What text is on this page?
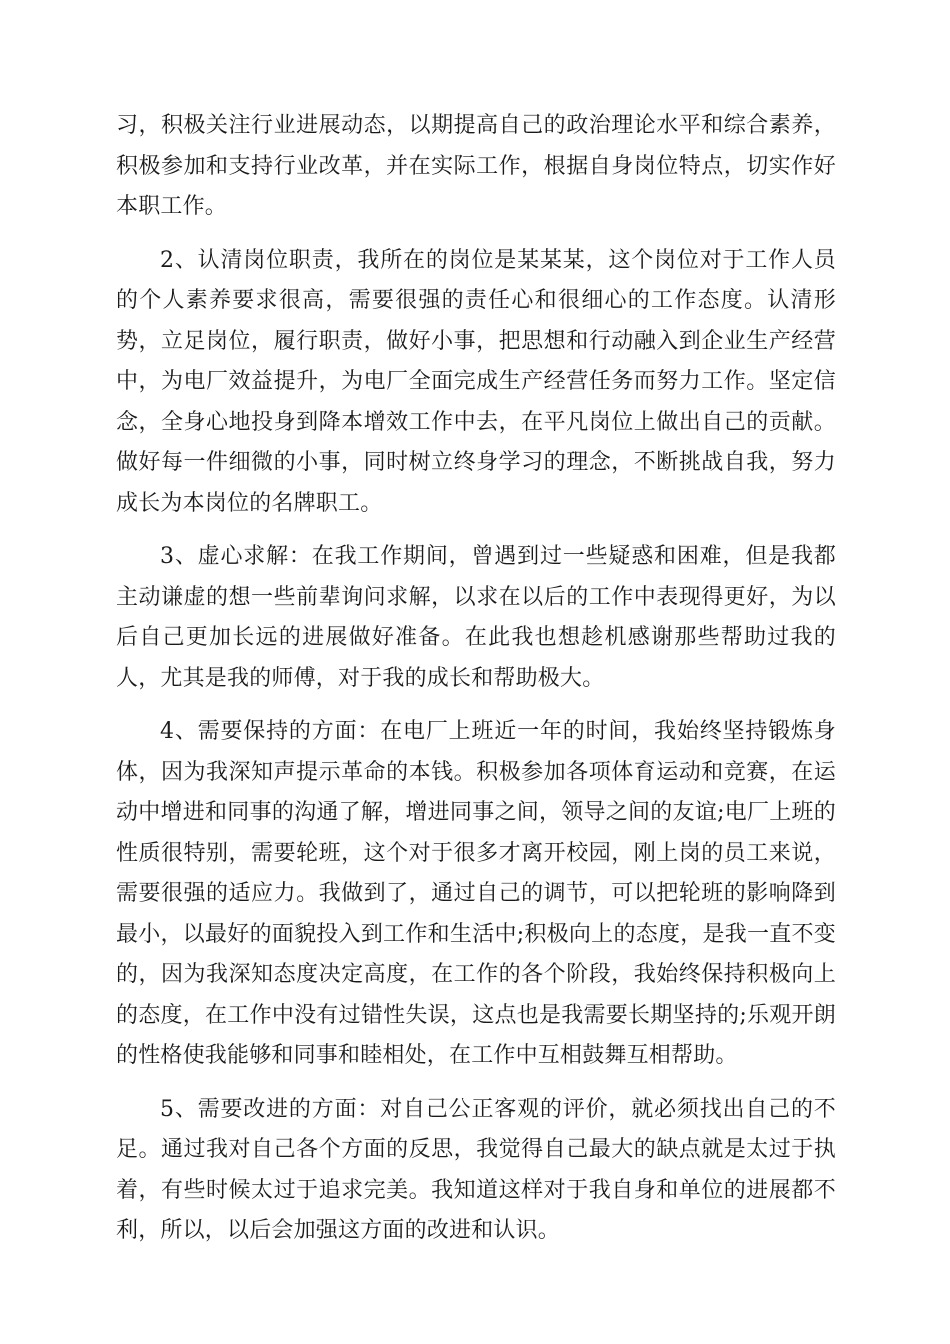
习，积极关注行业进展动态，以期提高自己的政治理论水平和综合素养，积极参加和支持行业改革，并在实际工作，根据自身岗位特点，切实作好本职工作。

2、认清岗位职责，我所在的岗位是某某某，这个岗位对于工作人员的个人素养要求很高，需要很强的责任心和很细心的工作态度。认清形势，立足岗位，履行职责，做好小事，把思想和行动融入到企业生产经营中，为电厂效益提升，为电厂全面完成生产经营任务而努力工作。坚定信念，全身心地投身到降本增效工作中去，在平凡岗位上做出自己的贡献。做好每一件细微的小事，同时树立终身学习的理念，不断挑战自我，努力成长为本岗位的名牌职工。

3、虚心求解：在我工作期间，曾遇到过一些疑惑和困难，但是我都主动谦虚的想一些前辈询问求解，以求在以后的工作中表现得更好，为以后自己更加长远的进展做好准备。在此我也想趁机感谢那些帮助过我的人，尤其是我的师傅，对于我的成长和帮助极大。

4、需要保持的方面：在电厂上班近一年的时间，我始终坚持锻炼身体，因为我深知声提示革命的本钱。积极参加各项体育运动和竞赛，在运动中增进和同事的沟通了解，增进同事之间，领导之间的友谊;电厂上班的性质很特别，需要轮班，这个对于很多才离开校园，刚上岗的员工来说，需要很强的适应力。我做到了，通过自己的调节，可以把轮班的影响降到最小，以最好的面貌投入到工作和生活中;积极向上的态度，是我一直不变的，因为我深知态度决定高度，在工作的各个阶段，我始终保持积极向上的态度，在工作中没有过错性失误，这点也是我需要长期坚持的;乐观开朗的性格使我能够和同事和睦相处，在工作中互相鼓舞互相帮助。

5、需要改进的方面：对自己公正客观的评价，就必须找出自己的不足。通过我对自己各个方面的反思，我觉得自己最大的缺点就是太过于执着，有些时候太过于追求完美。我知道这样对于我自身和单位的进展都不利，所以，以后会加强这方面的改进和认识。
